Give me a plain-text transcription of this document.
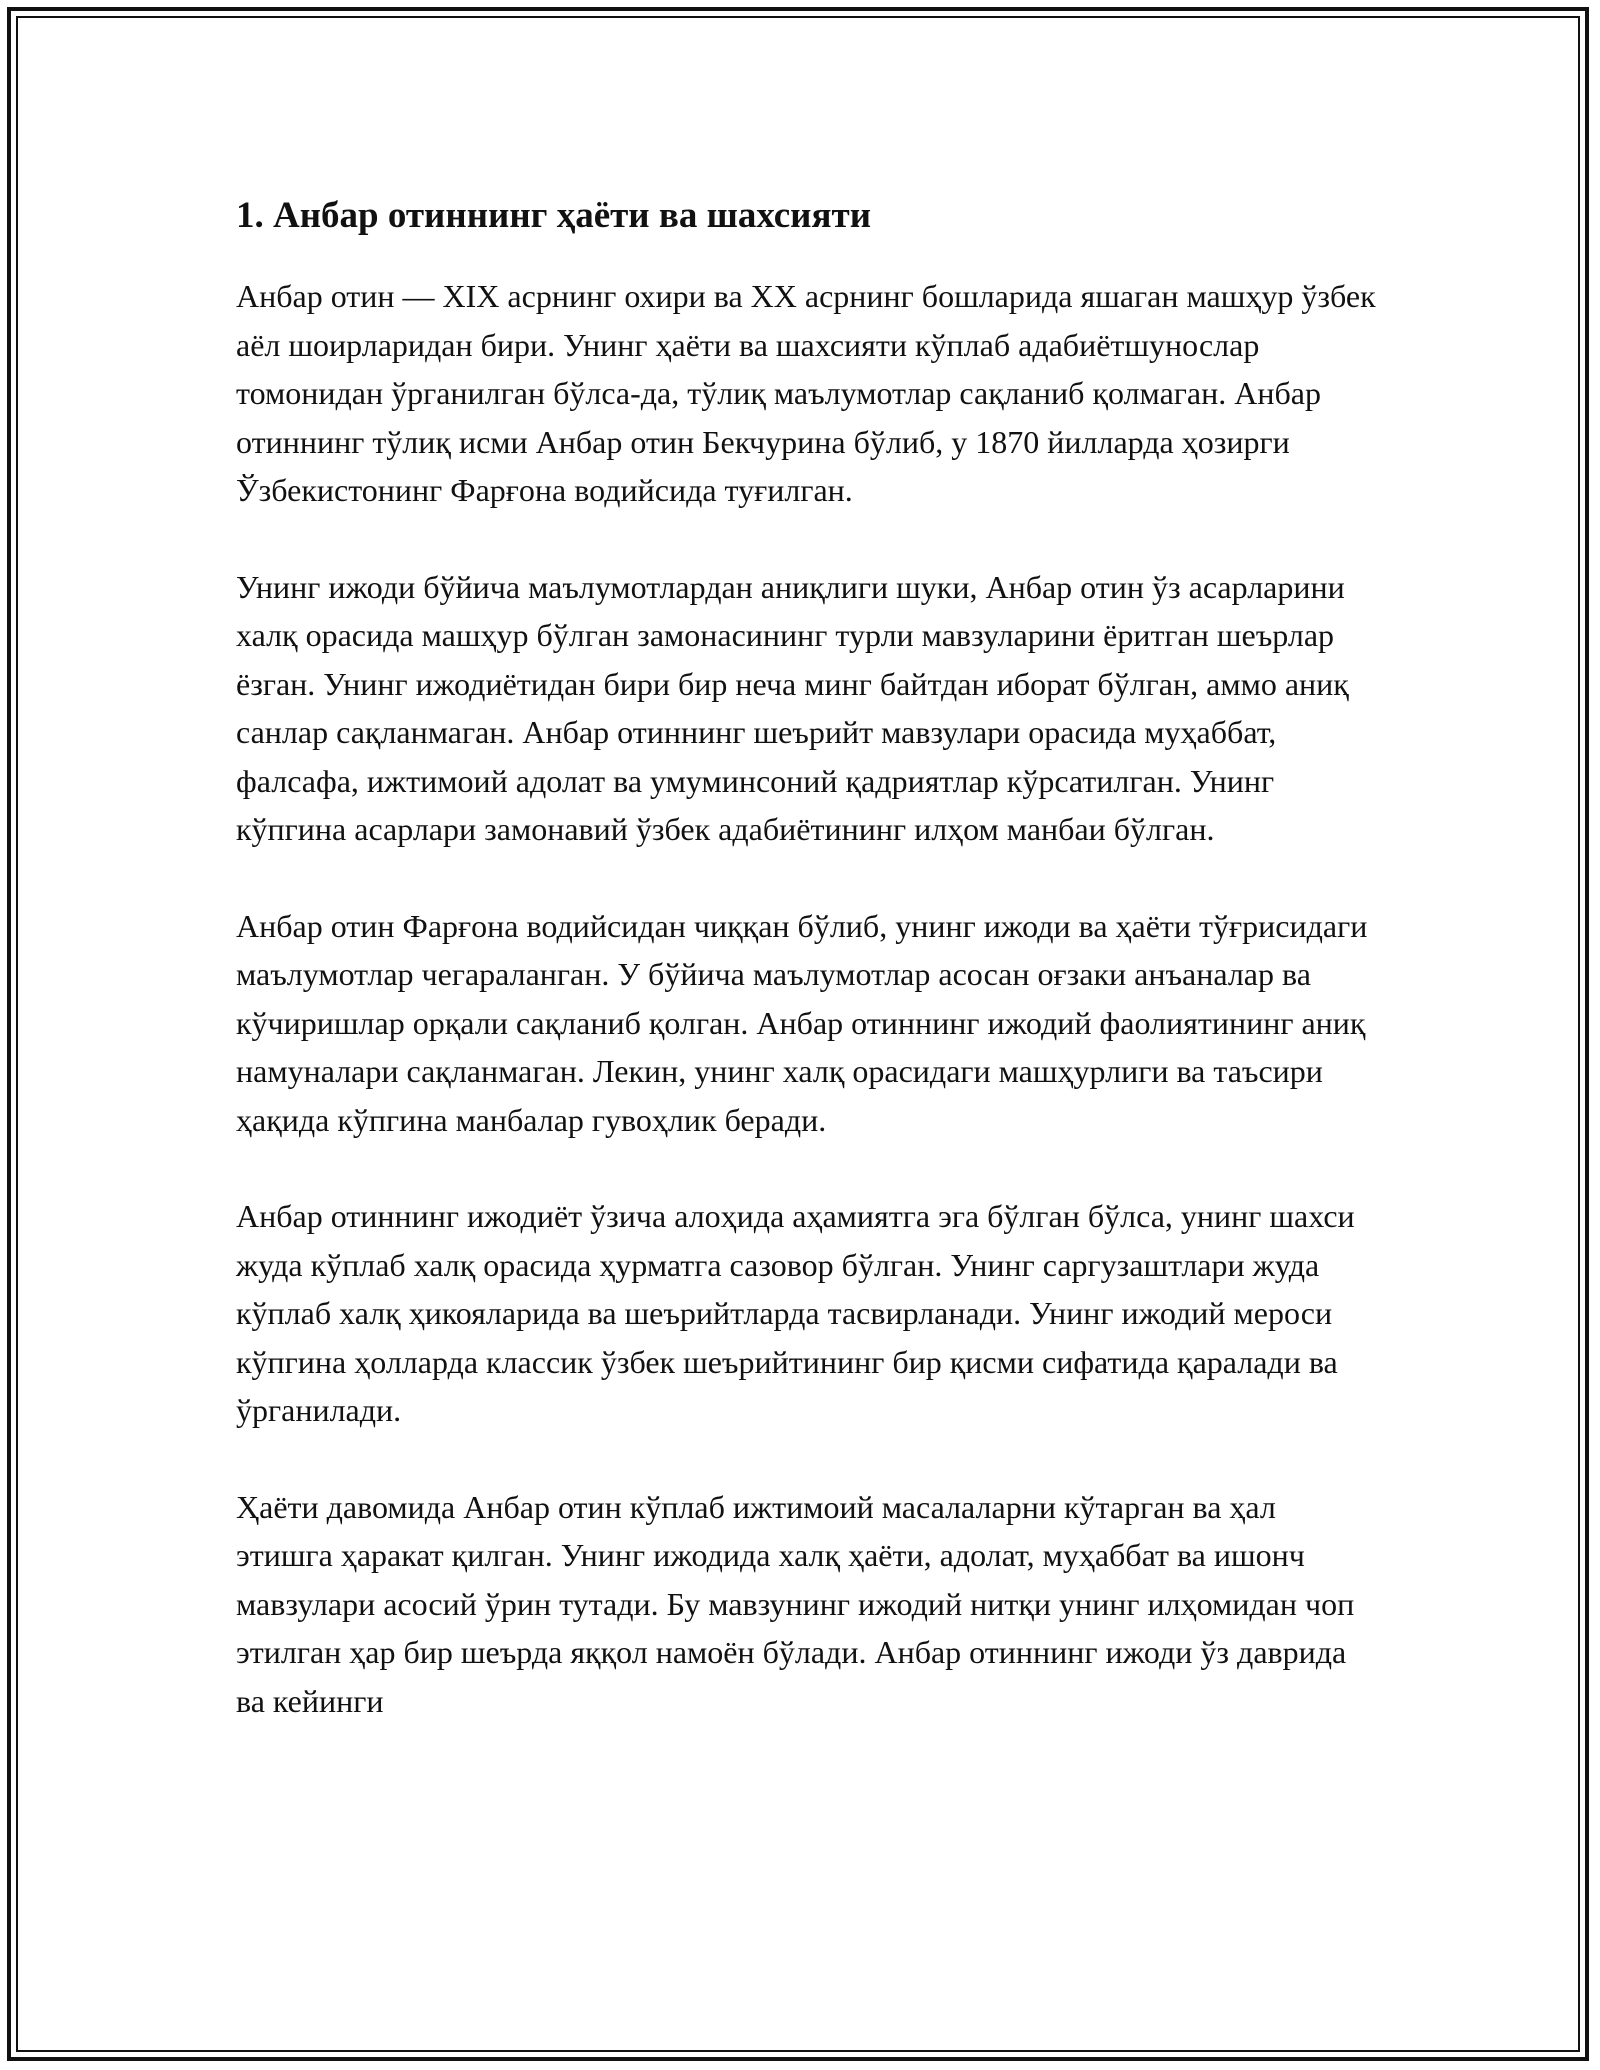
1. Анбар отиннинг ҳаёти ва шахсияти

Анбар отин — XIX асрнинг охири ва XX асрнинг бошларида яшаган машҳур ўзбек аёл шоирларидан бири. Унинг ҳаёти ва шахсияти кўплаб адабиётшунослар томонидан ўрганилган бўлса-да, тўлиқ маълумотлар сақланиб қолмаган. Анбар отиннинг тўлиқ исми Анбар отин Бекчурина бўлиб, у 1870 йилларда ҳозирги Ўзбекистонинг Фарғона водийсида туғилган.

Унинг ижоди бўйича маълумотлардан аниқлиги шуки, Анбар отин ўз асарларини халқ орасида машҳур бўлган замонасининг турли мавзуларини ёритган шеърлар ёзган. Унинг ижодиётидан бири бир неча минг байтдан иборат бўлган, аммо аниқ санлар сақланмаган. Анбар отиннинг шеърийт мавзулари орасида муҳаббат, фалсафа, ижтимоий адолат ва умуминсоний қадриятлар кўрсатилган. Унинг кўпгина асарлари замонавий ўзбек адабиётининг илҳом манбаи бўлган.

Анбар отин Фарғона водийсидан чиққан бўлиб, унинг ижоди ва ҳаёти тўғрисидаги маълумотлар чегараланган. У бўйича маълумотлар асосан оғзаки анъаналар ва кўчиришлар орқали сақланиб қолган. Анбар отиннинг ижодий фаолиятининг аниқ намуналари сақланмаган. Лекин, унинг халқ орасидаги машҳурлиги ва таъсири ҳақида кўпгина манбалар гувоҳлик беради.

Анбар отиннинг ижодиёт ўзича алоҳида аҳамиятга эга бўлган бўлса, унинг шахси жуда кўплаб халқ орасида ҳурматга сазовор бўлган. Унинг саргузаштлари жуда кўплаб халқ ҳикояларида ва шеърийтларда тасвирланади. Унинг ижодий мероси кўпгина ҳолларда классик ўзбек шеърийтининг бир қисми сифатида қаралади ва ўрганилади.

Ҳаёти давомида Анбар отин кўплаб ижтимоий масалаларни кўтарган ва ҳал этишга ҳаракат қилган. Унинг ижодида халқ ҳаёти, адолат, муҳаббат ва ишонч мавзулари асосий ўрин тутади. Бу мавзунинг ижодий нитқи унинг илҳомидан чоп этилган ҳар бир шеърда яққол намоён бўлади. Анбар отиннинг ижоди ўз даврида ва кейинги
